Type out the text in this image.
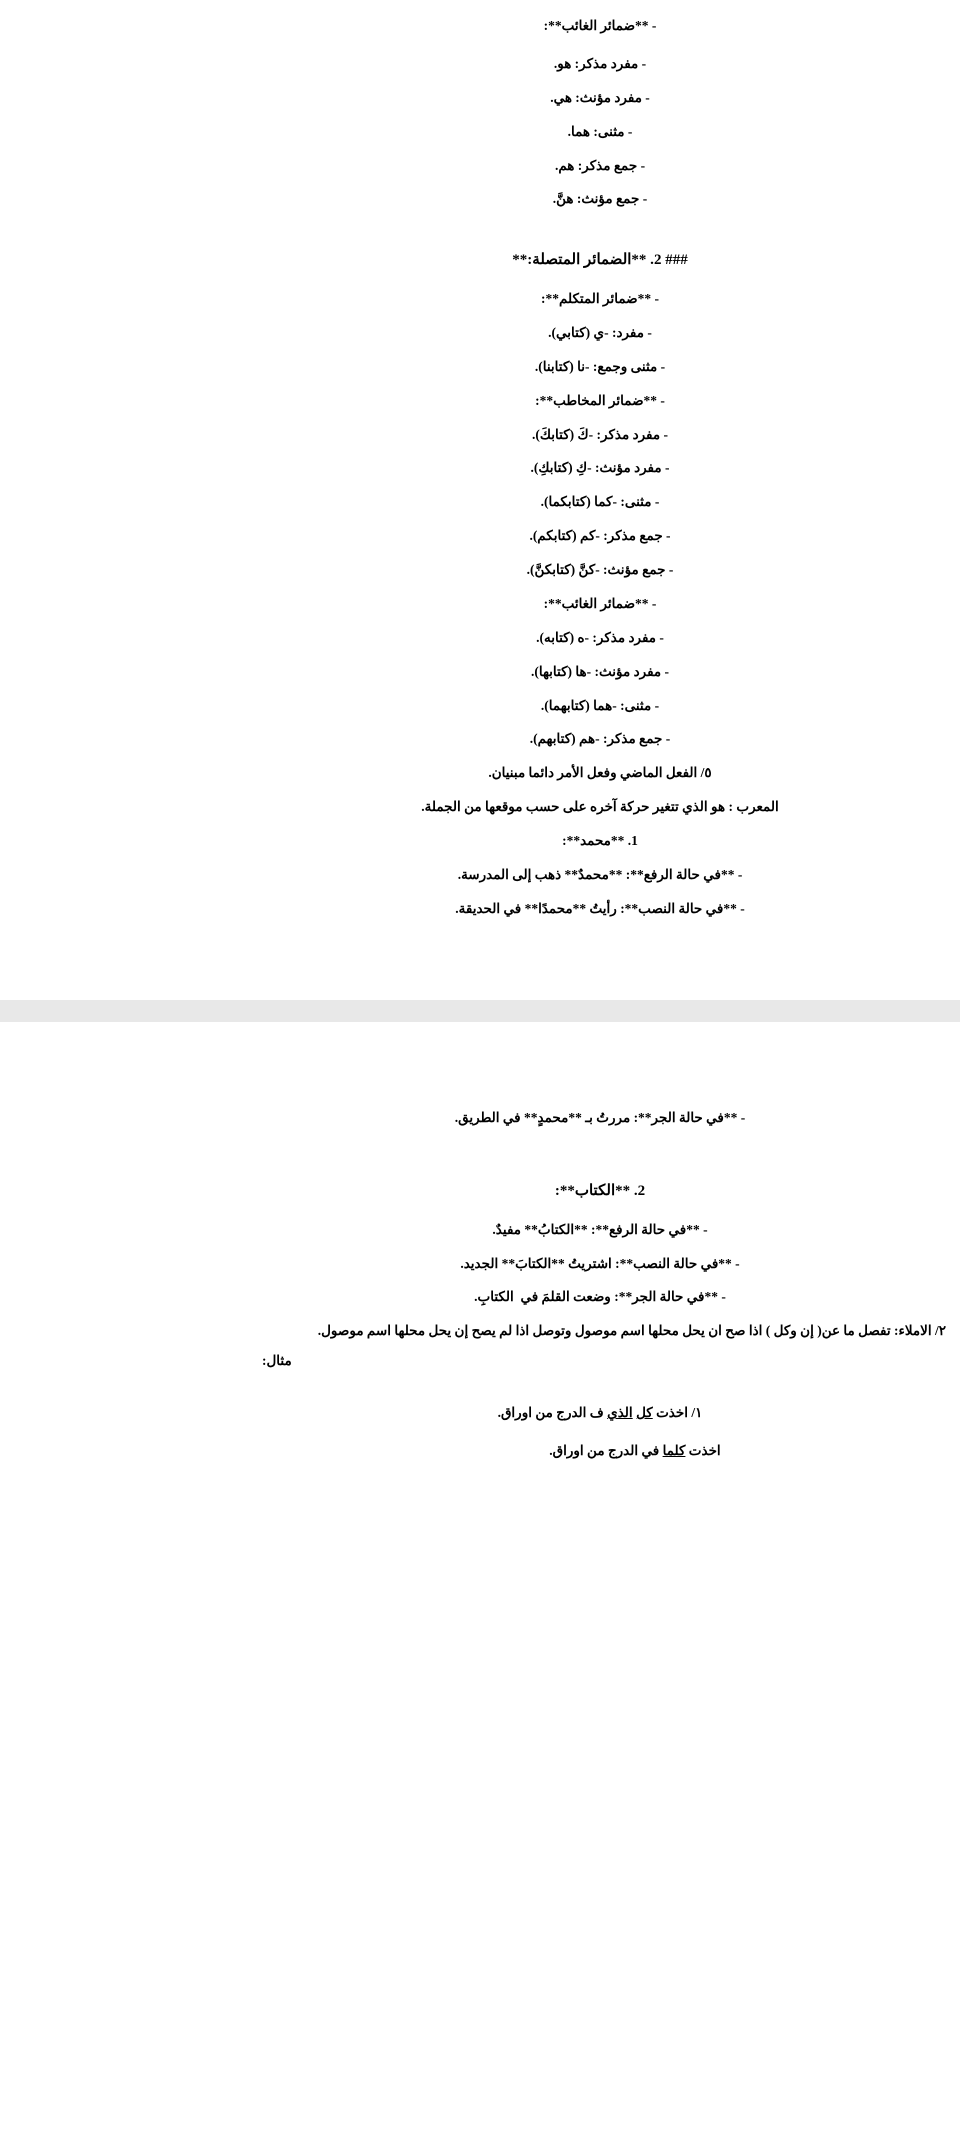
- **ضمائر الغائب**:
- مفرد مذكر: هو.
- مفرد مؤنث: هي.
- مثنى: هما.
- جمع مذكر: هم.
- جمع مؤنث: هنَّ.
### 2. **الضمائر المتصلة:**
- **ضمائر المتكلم**:
- مفرد: -ي (كتابي).
- مثنى وجمع: -نا (كتابنا).
- **ضمائر المخاطب**:
- مفرد مذكر: -كَ (كتابكَ).
- مفرد مؤنث: -كِ (كتابكِ).
- مثنى: -كما (كتابكما).
- جمع مذكر: -كم (كتابكم).
- جمع مؤنث: -كنَّ (كتابكنَّ).
- **ضمائر الغائب**:
- مفرد مذكر: -ه (كتابه).
- مفرد مؤنث: -ها (كتابها).
- مثنى: -هما (كتابهما).
- جمع مذكر: -هم (كتابهم).
٥/ الفعل الماضي وفعل الأمر دائما مبنيان.
المعرب : هو الذي تتغير حركة آخره على حسب موقعها من الجملة.
1. **محمد**:
- **في حالة الرفع**: **محمدٌ** ذهب إلى المدرسة.
- **في حالة النصب**: رأيتُ **محمدًا** في الحديقة.
- **في حالة الجر**: مررتُ بـ **محمدٍ** في الطريق.
2. **الكتاب**:
- **في حالة الرفع**: **الكتابُ** مفيدٌ.
- **في حالة النصب**: اشتريتُ **الكتابَ** الجديد.
- **في حالة الجر**: وضعت القلمَ في  الكتابِ.
٢/ الاملاء: تفصل ما عن( إن وكل ) اذا صح ان يحل محلها اسم موصول وتوصل اذا لم يصح إن يحل محلها اسم موصول.
مثال:
١/ اخذت كل الذي ف الدرج من اوراق.
اخذت كلما في الدرج من اوراق.
